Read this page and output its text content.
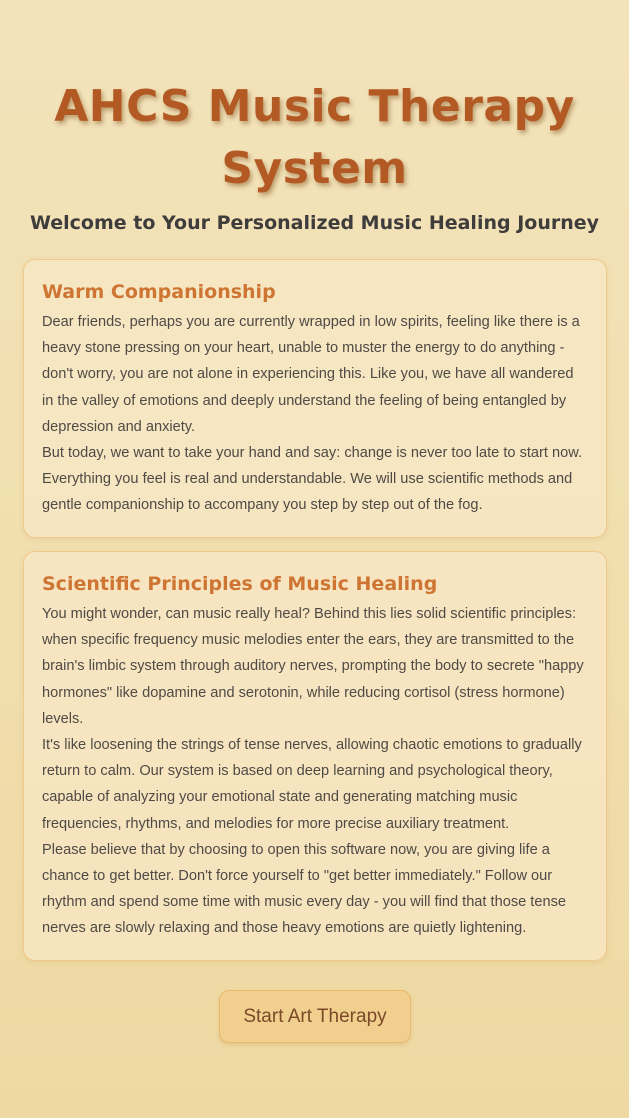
AHCS Music Therapy System
Welcome to Your Personalized Music Healing Journey
Warm Companionship

Dear friends, perhaps you are currently wrapped in low spirits, feeling like there is a heavy stone pressing on your heart, unable to muster the energy to do anything - don't worry, you are not alone in experiencing this. Like you, we have all wandered in the valley of emotions and deeply understand the feeling of being entangled by depression and anxiety.

But today, we want to take your hand and say: change is never too late to start now. Everything you feel is real and understandable. We will use scientific methods and gentle companionship to accompany you step by step out of the fog.

Scientific Principles of Music Healing

You might wonder, can music really heal? Behind this lies solid scientific principles: when specific frequency music melodies enter the ears, they are transmitted to the brain's limbic system through auditory nerves, prompting the body to secrete "happy hormones" like dopamine and serotonin, while reducing cortisol (stress hormone) levels.

It's like loosening the strings of tense nerves, allowing chaotic emotions to gradually return to calm. Our system is based on deep learning and psychological theory, capable of analyzing your emotional state and generating matching music frequencies, rhythms, and melodies for more precise auxiliary treatment.

Please believe that by choosing to open this software now, you are giving life a chance to get better. Don't force yourself to "get better immediately." Follow our rhythm and spend some time with music every day - you will find that those tense nerves are slowly relaxing and those heavy emotions are quietly lightening.

Start Art Therapy
